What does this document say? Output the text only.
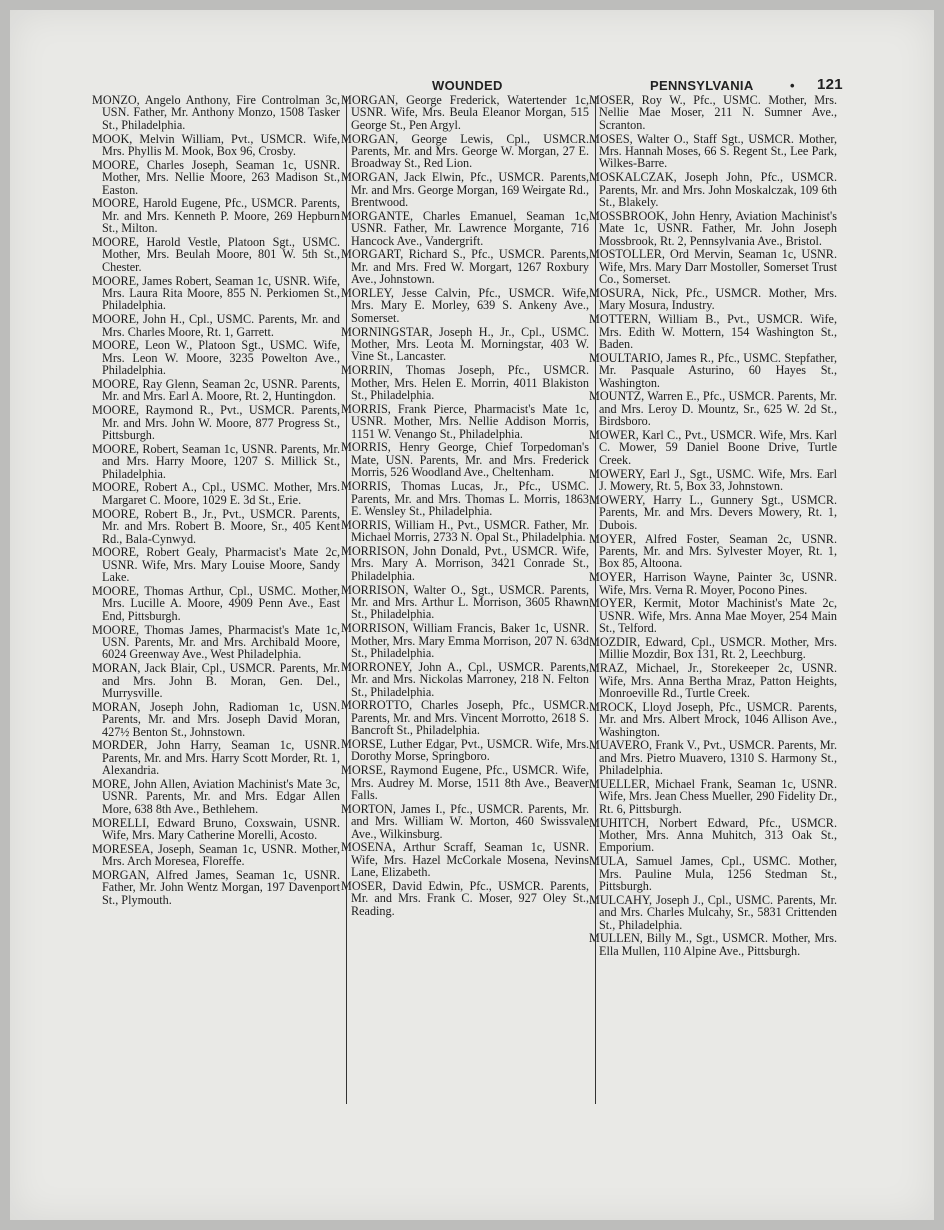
WOUNDED	PENNSYLVANIA	• 121

MONZO, Angelo Anthony, Fire Controlman 3c, USN. Father, Mr. Anthony Monzo, 1508 Tasker St., Philadelphia.

MOOK, Melvin William, Pvt., USMCR. Wife, Mrs. Phyllis M. Mook, Box 96, Crosby.

MOORE, Charles Joseph, Seaman 1c, USNR. Mother, Mrs. Nellie Moore, 263 Madison St., Easton.

MOORE, Harold Eugene, Pfc., USMCR. Parents, Mr. and Mrs. Kenneth P. Moore, 269 Hepburn St., Milton.

MOORE, Harold Vestle, Platoon Sgt., USMC. Mother, Mrs. Beulah Moore, 801 W. 5th St., Chester.

MOORE, James Robert, Seaman 1c, USNR. Wife, Mrs. Laura Rita Moore, 855 N. Perkiomen St., Philadelphia.

MOORE, John H., Cpl., USMC. Parents, Mr. and Mrs. Charles Moore, Rt. 1, Garrett.

MOORE, Leon W., Platoon Sgt., USMC. Wife, Mrs. Leon W. Moore, 3235 Powelton Ave., Philadelphia.

MOORE, Ray Glenn, Seaman 2c, USNR. Parents, Mr. and Mrs. Earl A. Moore, Rt. 2, Huntingdon.

MOORE, Raymond R., Pvt., USMCR. Parents, Mr. and Mrs. John W. Moore, 877 Progress St., Pittsburgh.

MOORE, Robert, Seaman 1c, USNR. Parents, Mr. and Mrs. Harry Moore, 1207 S. Millick St., Philadelphia.

MOORE, Robert A., Cpl., USMC. Mother, Mrs. Margaret C. Moore, 1029 E. 3d St., Erie.

MOORE, Robert B., Jr., Pvt., USMCR. Parents, Mr. and Mrs. Robert B. Moore, Sr., 405 Kent Rd., Bala-Cynwyd.

MOORE, Robert Gealy, Pharmacist's Mate 2c, USNR. Wife, Mrs. Mary Louise Moore, Sandy Lake.

MOORE, Thomas Arthur, Cpl., USMC. Mother, Mrs. Lucille A. Moore, 4909 Penn Ave., East End, Pittsburgh.

MOORE, Thomas James, Pharmacist's Mate 1c, USN. Parents, Mr. and Mrs. Archibald Moore, 6024 Greenway Ave., West Philadelphia.

MORAN, Jack Blair, Cpl., USMCR. Parents, Mr. and Mrs. John B. Moran, Gen. Del., Murrysville.

MORAN, Joseph John, Radioman 1c, USN. Parents, Mr. and Mrs. Joseph David Moran, 427½ Benton St., Johnstown.

MORDER, John Harry, Seaman 1c, USNR. Parents, Mr. and Mrs. Harry Scott Morder, Rt. 1, Alexandria.

MORE, John Allen, Aviation Machinist's Mate 3c, USNR. Parents, Mr. and Mrs. Edgar Allen More, 638 8th Ave., Bethlehem.

MORELLI, Edward Bruno, Coxswain, USNR. Wife, Mrs. Mary Catherine Morelli, Acosto.

MORESEA, Joseph, Seaman 1c, USNR. Mother, Mrs. Arch Moresea, Floreffe.

MORGAN, Alfred James, Seaman 1c, USNR. Father, Mr. John Wentz Morgan, 197 Davenport St., Plymouth.

MORGAN, George Frederick, Watertender 1c, USNR. Wife, Mrs. Beula Eleanor Morgan, 515 George St., Pen Argyl.

MORGAN, George Lewis, Cpl., USMCR. Parents, Mr. and Mrs. George W. Morgan, 27 E. Broadway St., Red Lion.

MORGAN, Jack Elwin, Pfc., USMCR. Parents, Mr. and Mrs. George Morgan, 169 Weirgate Rd., Brentwood.

MORGANTE, Charles Emanuel, Seaman 1c, USNR. Father, Mr. Lawrence Morgante, 716 Hancock Ave., Vandergrift.

MORGART, Richard S., Pfc., USMCR. Parents, Mr. and Mrs. Fred W. Morgart, 1267 Roxbury Ave., Johnstown.

MORLEY, Jesse Calvin, Pfc., USMCR. Wife, Mrs. Mary E. Morley, 639 S. Ankeny Ave., Somerset.

MORNINGSTAR, Joseph H., Jr., Cpl., USMC. Mother, Mrs. Leota M. Morningstar, 403 W. Vine St., Lancaster.

MORRIN, Thomas Joseph, Pfc., USMCR. Mother, Mrs. Helen E. Morrin, 4011 Blakiston St., Philadelphia.

MORRIS, Frank Pierce, Pharmacist's Mate 1c, USNR. Mother, Mrs. Nellie Addison Morris, 1151 W. Venango St., Philadelphia.

MORRIS, Henry George, Chief Torpedoman's Mate, USN. Parents, Mr. and Mrs. Frederick Morris, 526 Woodland Ave., Cheltenham.

MORRIS, Thomas Lucas, Jr., Pfc., USMC. Parents, Mr. and Mrs. Thomas L. Morris, 1863 E. Wensley St., Philadelphia.

MORRIS, William H., Pvt., USMCR. Father, Mr. Michael Morris, 2733 N. Opal St., Philadelphia.

MORRISON, John Donald, Pvt., USMCR. Wife, Mrs. Mary A. Morrison, 3421 Conrade St., Philadelphia.

MORRISON, Walter O., Sgt., USMCR. Parents, Mr. and Mrs. Arthur L. Morrison, 3605 Rhawn St., Philadelphia.

MORRISON, William Francis, Baker 1c, USNR. Mother, Mrs. Mary Emma Morrison, 207 N. 63d St., Philadelphia.

MORRONEY, John A., Cpl., USMCR. Parents, Mr. and Mrs. Nickolas Marroney, 218 N. Felton St., Philadelphia.

MORROTTO, Charles Joseph, Pfc., USMCR. Parents, Mr. and Mrs. Vincent Morrotto, 2618 S. Bancroft St., Philadelphia.

MORSE, Luther Edgar, Pvt., USMCR. Wife, Mrs. Dorothy Morse, Springboro.

MORSE, Raymond Eugene, Pfc., USMCR. Wife, Mrs. Audrey M. Morse, 1511 8th Ave., Beaver Falls.

MORTON, James I., Pfc., USMCR. Parents, Mr. and Mrs. William W. Morton, 460 Swissvale Ave., Wilkinsburg.

MOSENA, Arthur Scraff, Seaman 1c, USNR. Wife, Mrs. Hazel McCorkale Mosena, Nevins Lane, Elizabeth.

MOSER, David Edwin, Pfc., USMCR. Parents, Mr. and Mrs. Frank C. Moser, 927 Oley St., Reading.

MOSER, Roy W., Pfc., USMC. Mother, Mrs. Nellie Mae Moser, 211 N. Sumner Ave., Scranton.

MOSES, Walter O., Staff Sgt., USMCR. Mother, Mrs. Hannah Moses, 66 S. Regent St., Lee Park, Wilkes-Barre.

MOSKALCZAK, Joseph John, Pfc., USMCR. Parents, Mr. and Mrs. John Moskalczak, 109 6th St., Blakely.

MOSSBROOK, John Henry, Aviation Machinist's Mate 1c, USNR. Father, Mr. John Joseph Mossbrook, Rt. 2, Pennsylvania Ave., Bristol.

MOSTOLLER, Ord Mervin, Seaman 1c, USNR. Wife, Mrs. Mary Darr Mostoller, Somerset Trust Co., Somerset.

MOSURA, Nick, Pfc., USMCR. Mother, Mrs. Mary Mosura, Industry.

MOTTERN, William B., Pvt., USMCR. Wife, Mrs. Edith W. Mottern, 154 Washington St., Baden.

MOULTARIO, James R., Pfc., USMC. Stepfather, Mr. Pasquale Asturino, 60 Hayes St., Washington.

MOUNTZ, Warren E., Pfc., USMCR. Parents, Mr. and Mrs. Leroy D. Mountz, Sr., 625 W. 2d St., Birdsboro.

MOWER, Karl C., Pvt., USMCR. Wife, Mrs. Karl C. Mower, 59 Daniel Boone Drive, Turtle Creek.

MOWERY, Earl J., Sgt., USMC. Wife, Mrs. Earl J. Mowery, Rt. 5, Box 33, Johnstown.

MOWERY, Harry L., Gunnery Sgt., USMCR. Parents, Mr. and Mrs. Devers Mowery, Rt. 1, Dubois.

MOYER, Alfred Foster, Seaman 2c, USNR. Parents, Mr. and Mrs. Sylvester Moyer, Rt. 1, Box 85, Altoona.

MOYER, Harrison Wayne, Painter 3c, USNR. Wife, Mrs. Verna R. Moyer, Pocono Pines.

MOYER, Kermit, Motor Machinist's Mate 2c, USNR. Wife, Mrs. Anna Mae Moyer, 254 Main St., Telford.

MOZDIR, Edward, Cpl., USMCR. Mother, Mrs. Millie Mozdir, Box 131, Rt. 2, Leechburg.

MRAZ, Michael, Jr., Storekeeper 2c, USNR. Wife, Mrs. Anna Bertha Mraz, Patton Heights, Monroeville Rd., Turtle Creek.

MROCK, Lloyd Joseph, Pfc., USMCR. Parents, Mr. and Mrs. Albert Mrock, 1046 Allison Ave., Washington.

MUAVERO, Frank V., Pvt., USMCR. Parents, Mr. and Mrs. Pietro Muavero, 1310 S. Harmony St., Philadelphia.

MUELLER, Michael Frank, Seaman 1c, USNR. Wife, Mrs. Jean Chess Mueller, 290 Fidelity Dr., Rt. 6, Pittsburgh.

MUHITCH, Norbert Edward, Pfc., USMCR. Mother, Mrs. Anna Muhitch, 313 Oak St., Emporium.

MULA, Samuel James, Cpl., USMC. Mother, Mrs. Pauline Mula, 1256 Stedman St., Pittsburgh.

MULCAHY, Joseph J., Cpl., USMC. Parents, Mr. and Mrs. Charles Mulcahy, Sr., 5831 Crittenden St., Philadelphia.

MULLEN, Billy M., Sgt., USMCR. Mother, Mrs. Ella Mullen, 110 Alpine Ave., Pittsburgh.
